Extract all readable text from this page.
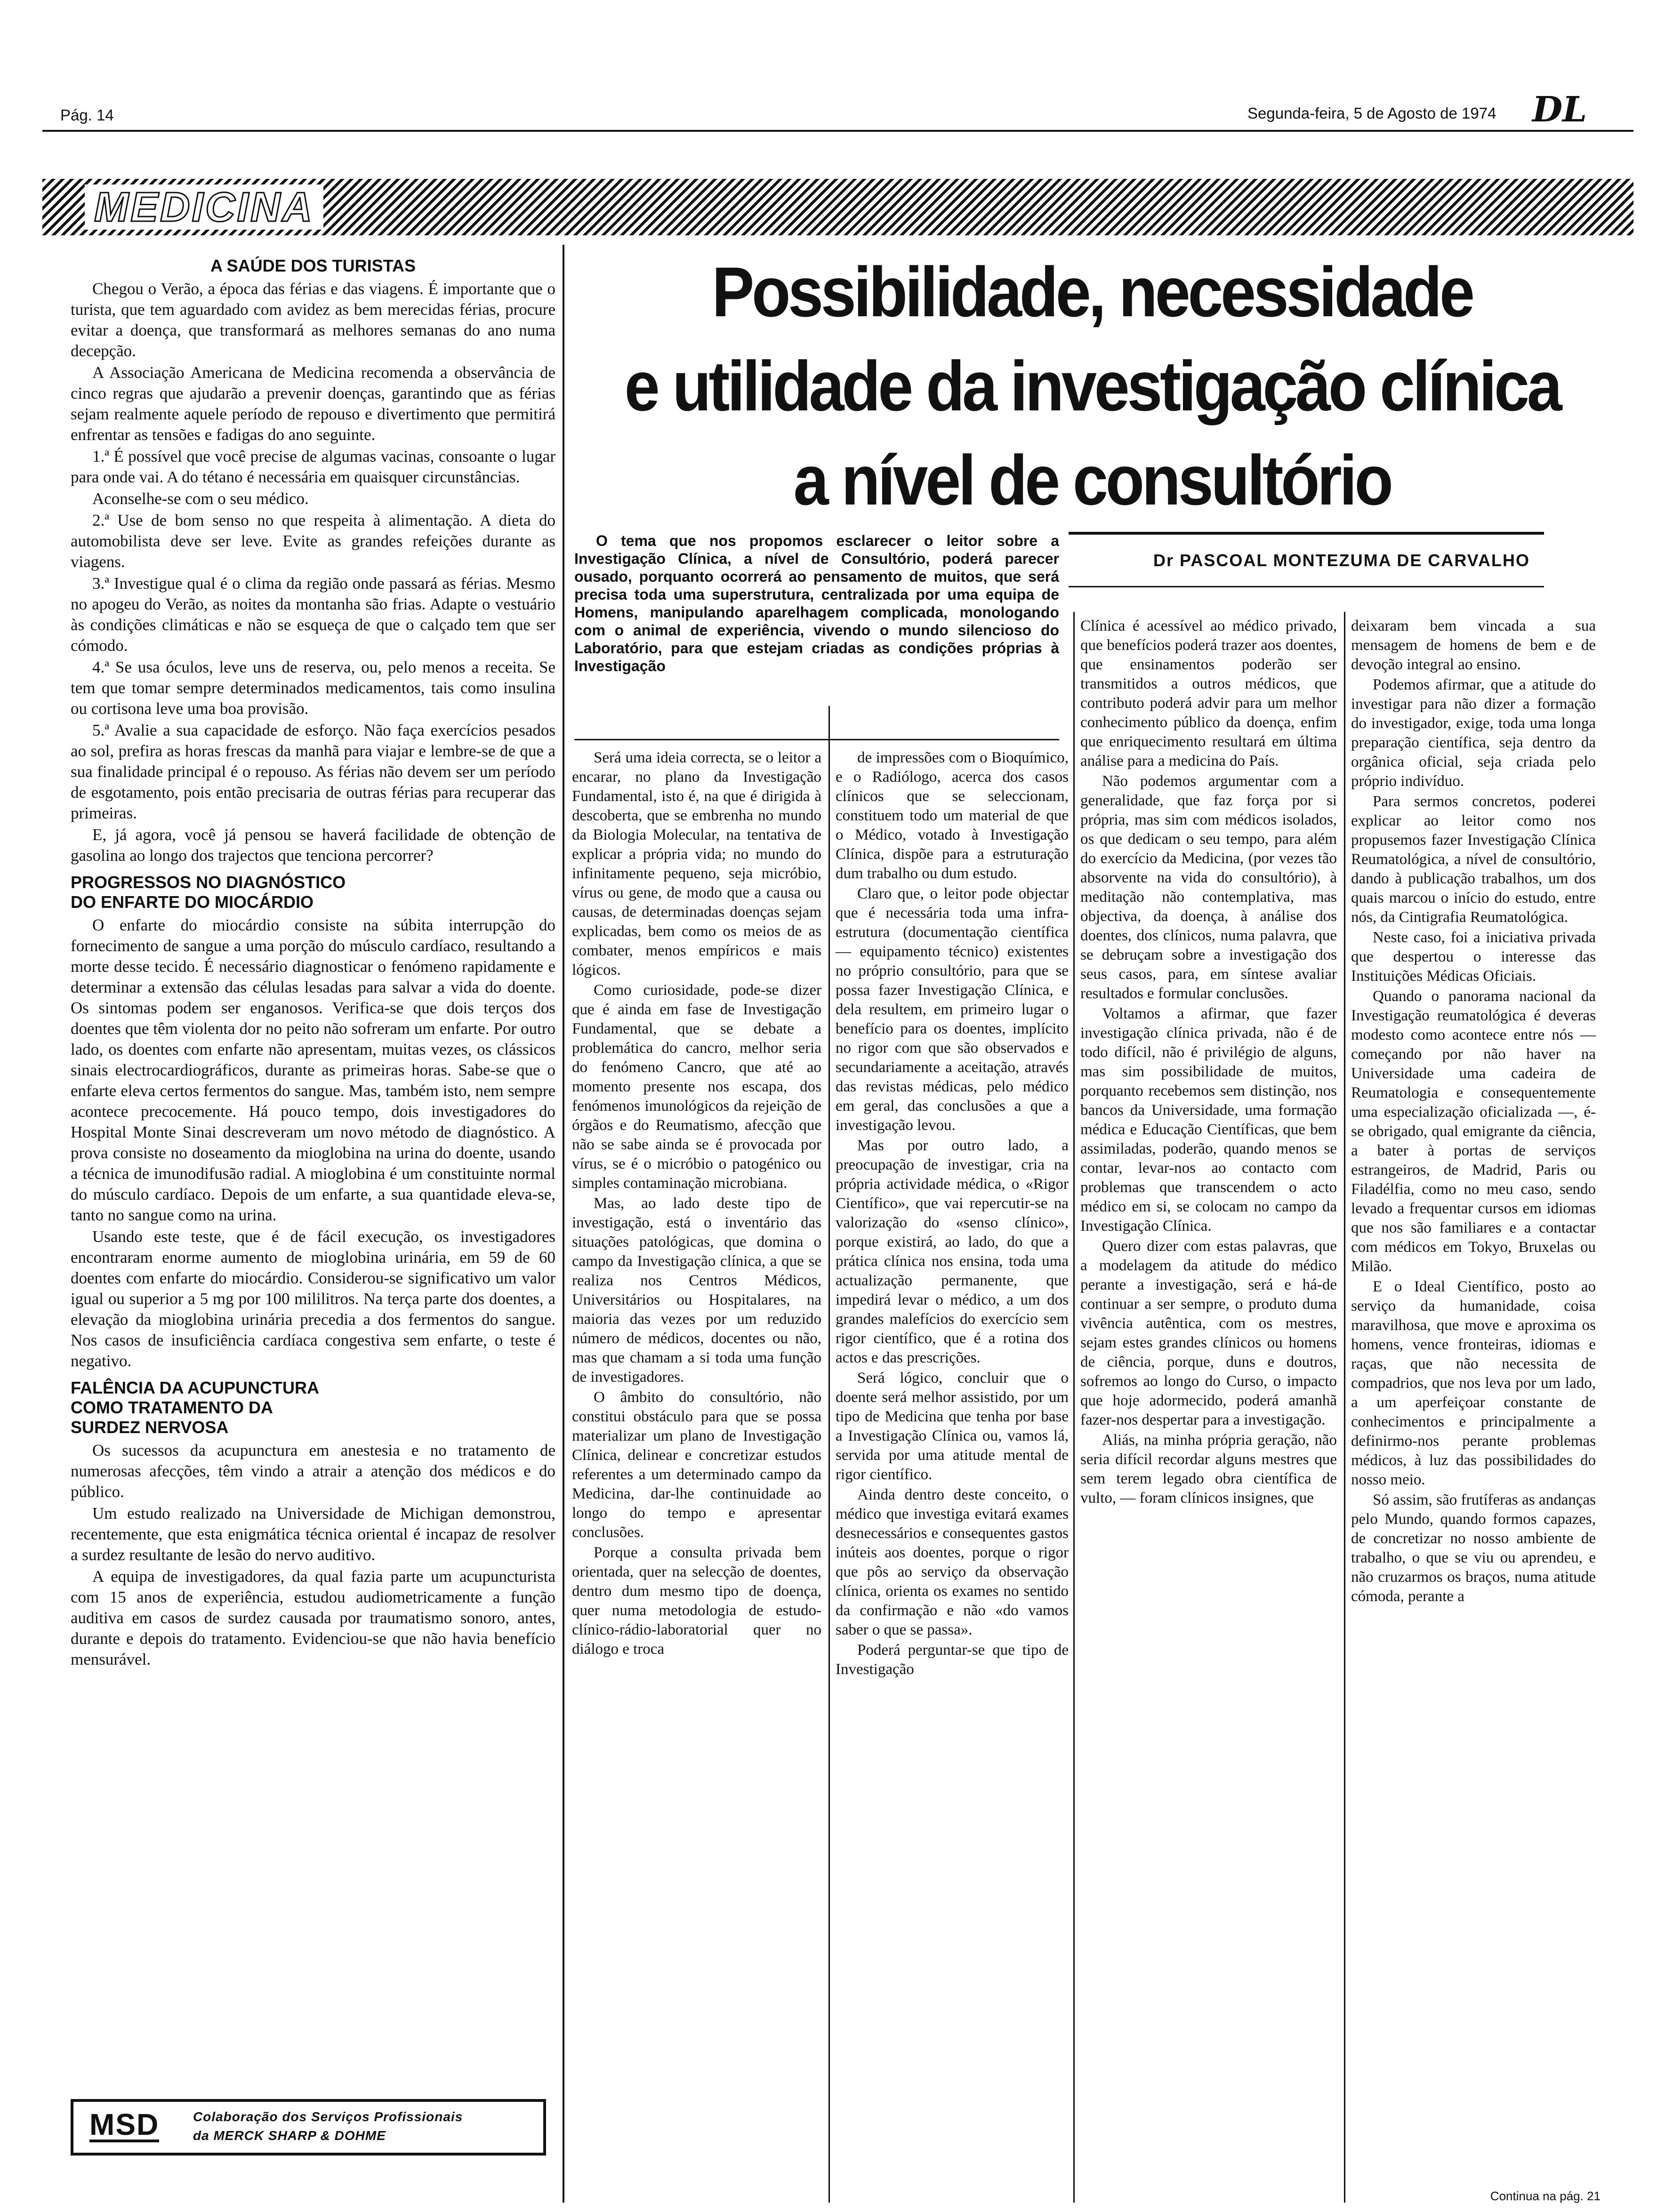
Pág. 14	Segunda-feira, 5 de Agosto de 1974 DL
MEDICINA
Possibilidade, necessidade
e utilidade da investigação clínica
a nível de consultório
A SAÚDE DOS TURISTAS

Chegou o Verão, a época das férias e das viagens. É importante que o turista, que tem aguardado com avidez as bem merecidas férias, procure evitar a doença, que transformará as melhores semanas do ano numa decepção.

A Associação Americana de Medicina recomenda a observância de cinco regras que ajudarão a prevenir doenças, garantindo que as férias sejam realmente aquele período de repouso e divertimento que permitirá enfrentar as tensões e fadigas do ano seguinte.

1.ª É possível que você precise de algumas vacinas, consoante o lugar para onde vai. A do tétano é necessária em quaisquer circunstâncias.

Aconselhe-se com o seu médico.

2.ª Use de bom senso no que respeita à alimentação. A dieta do automobilista deve ser leve. Evite as grandes refeições durante as viagens.

3.ª Investigue qual é o clima da região onde passará as férias. Mesmo no apogeu do Verão, as noites da montanha são frias. Adapte o vestuário às condições climáticas e não se esqueça de que o calçado tem que ser cómodo.

4.ª Se usa óculos, leve uns de reserva, ou, pelo menos a receita. Se tem que tomar sempre determinados medicamentos, tais como insulina ou cortisona leve uma boa provisão.

5.ª Avalie a sua capacidade de esforço. Não faça exercícios pesados ao sol, prefira as horas frescas da manhã para viajar e lembre-se de que a sua finalidade principal é o repouso. As férias não devem ser um período de esgotamento, pois então precisaria de outras férias para recuperar das primeiras.

E, já agora, você já pensou se haverá facilidade de obtenção de gasolina ao longo dos trajectos que tenciona percorrer?

PROGRESSOS NO DIAGNÓSTICO
DO ENFARTE DO MIOCÁRDIO

O enfarte do miocárdio consiste na súbita interrupção do fornecimento de sangue a uma porção do músculo cardíaco, resultando a morte desse tecido. É necessário diagnosticar o fenómeno rapidamente e determinar a extensão das células lesadas para salvar a vida do doente. Os sintomas podem ser enganosos. Verifica-se que dois terços dos doentes que têm violenta dor no peito não sofreram um enfarte. Por outro lado, os doentes com enfarte não apresentam, muitas vezes, os clássicos sinais electrocardiográficos, durante as primeiras horas. Sabe-se que o enfarte eleva certos fermentos do sangue. Mas, também isto, nem sempre acontece precocemente. Há pouco tempo, dois investigadores do Hospital Monte Sinai descreveram um novo método de diagnóstico. A prova consiste no doseamento da mioglobina na urina do doente, usando a técnica de imunodifusão radial. A mioglobina é um constituinte normal do músculo cardíaco. Depois de um enfarte, a sua quantidade eleva-se, tanto no sangue como na urina.

Usando este teste, que é de fácil execução, os investigadores encontraram enorme aumento de mioglobina urinária, em 59 de 60 doentes com enfarte do miocárdio. Considerou-se significativo um valor igual ou superior a 5 mg por 100 mililitros. Na terça parte dos doentes, a elevação da mioglobina urinária precedia a dos fermentos do sangue. Nos casos de insuficiência cardíaca congestiva sem enfarte, o teste é negativo.

FALÊNCIA DA ACUPUNCTURA
COMO TRATAMENTO DA
SURDEZ NERVOSA

Os sucessos da acupunctura em anestesia e no tratamento de numerosas afecções, têm vindo a atrair a atenção dos médicos e do público.

Um estudo realizado na Universidade de Michigan demonstrou, recentemente, que esta enigmática técnica oriental é incapaz de resolver a surdez resultante de lesão do nervo auditivo.

A equipa de investigadores, da qual fazia parte um acupuncturista com 15 anos de experiência, estudou audiometricamente a função auditiva em casos de surdez causada por traumatismo sonoro, antes, durante e depois do tratamento. Evidenciou-se que não havia benefício mensurável.

MSD	Colaboração dos Serviços Profissionais
da MERCK SHARP & DOHME

O tema que nos propomos esclarecer o leitor sobre a Investigação Clínica, a nível de Consultório, poderá parecer ousado, porquanto ocorrerá ao pensamento de muitos, que será precisa toda uma superstrutura, centralizada por uma equipa de Homens, manipulando aparelhagem complicada, monologando com o animal de experiência, vivendo o mundo silencioso do Laboratório, para que estejam criadas as condições próprias à Investigação

Dr PASCOAL MONTEZUMA DE CARVALHO

Será uma ideia correcta, se o leitor a encarar, no plano da Investigação Fundamental, isto é, na que é dirigida à descoberta, que se embrenha no mundo da Biologia Molecular, na tentativa de explicar a própria vida; no mundo do infinitamente pequeno, seja micróbio, vírus ou gene, de modo que a causa ou causas, de determinadas doenças sejam explicadas, bem como os meios de as combater, menos empíricos e mais lógicos.

Como curiosidade, pode-se dizer que é ainda em fase de Investigação Fundamental, que se debate a problemática do cancro, melhor seria do fenómeno Cancro, que até ao momento presente nos escapa, dos fenómenos imunológicos da rejeição de órgãos e do Reumatismo, afecção que não se sabe ainda se é provocada por vírus, se é o micróbio o patogénico ou simples contaminação microbiana.

Mas, ao lado deste tipo de investigação, está o inventário das situações patológicas, que domina o campo da Investigação clínica, a que se realiza nos Centros Médicos, Universitários ou Hospitalares, na maioria das vezes por um reduzido número de médicos, docentes ou não, mas que chamam a si toda uma função de investigadores.

O âmbito do consultório, não constitui obstáculo para que se possa materializar um plano de Investigação Clínica, delinear e concretizar estudos referentes a um determinado campo da Medicina, dar-lhe continuidade ao longo do tempo e apresentar conclusões.

Porque a consulta privada bem orientada, quer na selecção de doentes, dentro dum mesmo tipo de doença, quer numa metodologia de estudo-clínico-rádio-laboratorial quer no diálogo e troca

de impressões com o Bioquímico, e o Radiólogo, acerca dos casos clínicos que se seleccionam, constituem todo um material de que o Médico, votado à Investigação Clínica, dispõe para a estruturação dum trabalho ou dum estudo.

Claro que, o leitor pode objectar que é necessária toda uma infra-estrutura (documentação científica — equipamento técnico) existentes no próprio consultório, para que se possa fazer Investigação Clínica, e dela resultem, em primeiro lugar o benefício para os doentes, implícito no rigor com que são observados e secundariamente a aceitação, através das revistas médicas, pelo médico em geral, das conclusões a que a investigação levou.

Mas por outro lado, a preocupação de investigar, cria na própria actividade médica, o «Rigor Científico», que vai repercutir-se na valorização do «senso clínico», porque existirá, ao lado, do que a prática clínica nos ensina, toda uma actualização permanente, que impedirá levar o médico, a um dos grandes malefícios do exercício sem rigor científico, que é a rotina dos actos e das prescrições.

Será lógico, concluir que o doente será melhor assistido, por um tipo de Medicina que tenha por base a Investigação Clínica ou, vamos lá, servida por uma atitude mental de rigor científico.

Ainda dentro deste conceito, o médico que investiga evitará exames desnecessários e consequentes gastos inúteis aos doentes, porque o rigor que pôs ao serviço da observação clínica, orienta os exames no sentido da confirmação e não «do vamos saber o que se passa».

Poderá perguntar-se que tipo de Investigação

Clínica é acessível ao médico privado, que benefícios poderá trazer aos doentes, que ensinamentos poderão ser transmitidos a outros médicos, que contributo poderá advir para um melhor conhecimento público da doença, enfim que enriquecimento resultará em última análise para a medicina do País.

Não podemos argumentar com a generalidade, que faz força por si própria, mas sim com médicos isolados, os que dedicam o seu tempo, para além do exercício da Medicina, (por vezes tão absorvente na vida do consultório), à meditação não contemplativa, mas objectiva, da doença, à análise dos doentes, dos clínicos, numa palavra, que se debruçam sobre a investigação dos seus casos, para, em síntese avaliar resultados e formular conclusões.

Voltamos a afirmar, que fazer investigação clínica privada, não é de todo difícil, não é privilégio de alguns, mas sim possibilidade de muitos, porquanto recebemos sem distinção, nos bancos da Universidade, uma formação médica e Educação Científicas, que bem assimiladas, poderão, quando menos se contar, levar-nos ao contacto com problemas que transcendem o acto médico em si, se colocam no campo da Investigação Clínica.

Quero dizer com estas palavras, que a modelagem da atitude do médico perante a investigação, será e há-de continuar a ser sempre, o produto duma vivência autêntica, com os mestres, sejam estes grandes clínicos ou homens de ciência, porque, duns e doutros, sofremos ao longo do Curso, o impacto que hoje adormecido, poderá amanhã fazer-nos despertar para a investigação.

Aliás, na minha própria geração, não seria difícil recordar alguns mestres que sem terem legado obra científica de vulto, — foram clínicos insignes, que

deixaram bem vincada a sua mensagem de homens de bem e de devoção integral ao ensino.

Podemos afirmar, que a atitude do investigar para não dizer a formação do investigador, exige, toda uma longa preparação científica, seja dentro da orgânica oficial, seja criada pelo próprio indivíduo.

Para sermos concretos, poderei explicar ao leitor como nos propusemos fazer Investigação Clínica Reumatológica, a nível de consultório, dando à publicação trabalhos, um dos quais marcou o início do estudo, entre nós, da Cintigrafia Reumatológica.

Neste caso, foi a iniciativa privada que despertou o interesse das Instituições Médicas Oficiais.

Quando o panorama nacional da Investigação reumatológica é deveras modesto como acontece entre nós — começando por não haver na Universidade uma cadeira de Reumatologia e consequentemente uma especialização oficializada —, é-se obrigado, qual emigrante da ciência, a bater à portas de serviços estrangeiros, de Madrid, Paris ou Filadélfia, como no meu caso, sendo levado a frequentar cursos em idiomas que nos são familiares e a contactar com médicos em Tokyo, Bruxelas ou Milão.

E o Ideal Científico, posto ao serviço da humanidade, coisa maravilhosa, que move e aproxima os homens, vence fronteiras, idiomas e raças, que não necessita de compadrios, que nos leva por um lado, a um aperfeiçoar constante de conhecimentos e principalmente a definirmo-nos perante problemas médicos, à luz das possibilidades do nosso meio.

Só assim, são frutíferas as andanças pelo Mundo, quando formos capazes, de concretizar no nosso ambiente de trabalho, o que se viu ou aprendeu, e não cruzarmos os braços, numa atitude cómoda, perante a

Continua na pág. 21
